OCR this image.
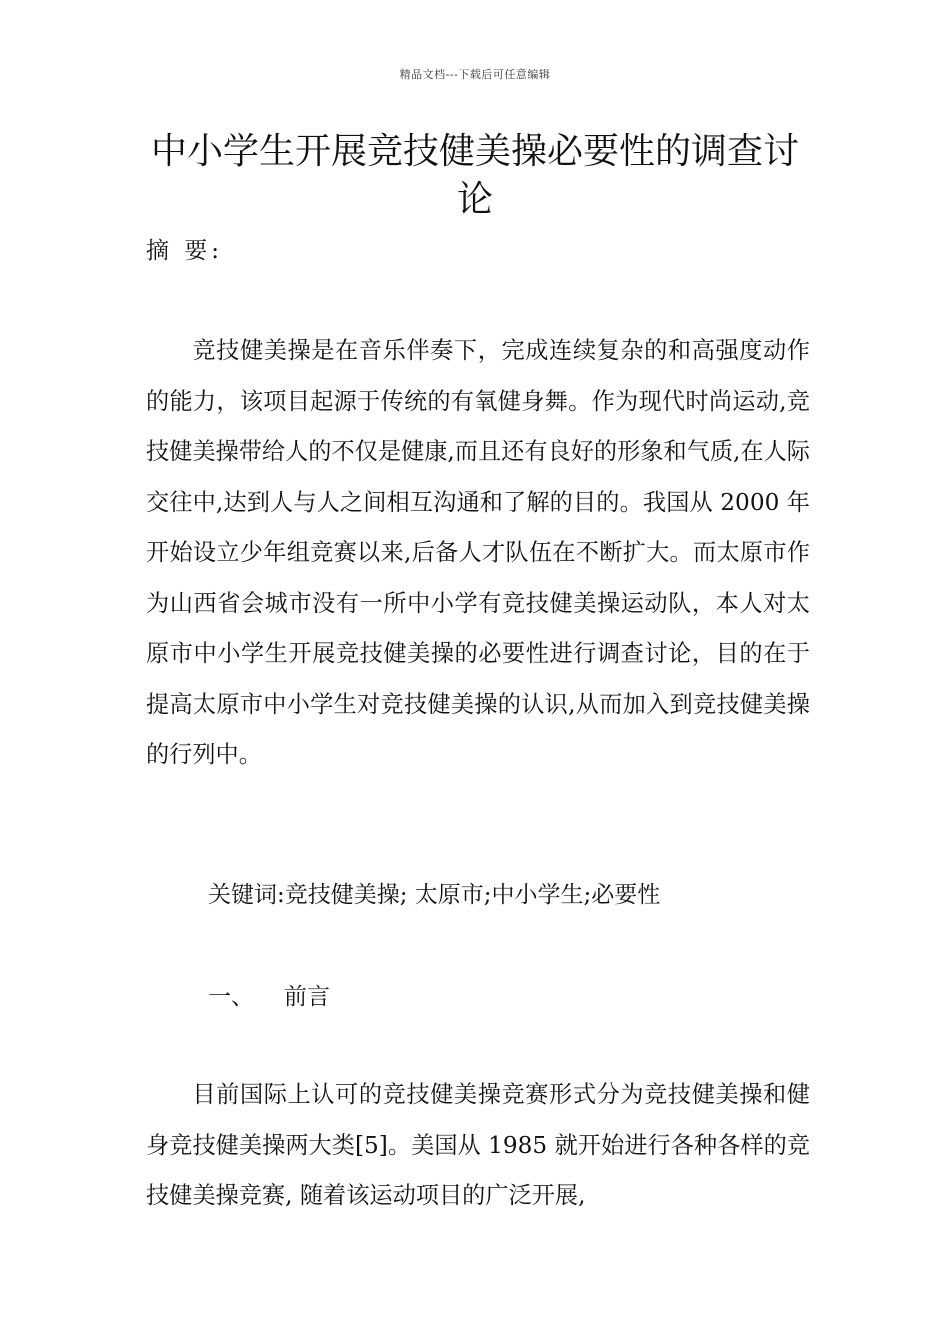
精品文档---下载后可任意编辑
中小学生开展竞技健美操必要性的调查讨论
摘 要:

竞技健美操是在音乐伴奏下，完成连续复杂的和高强度动作的能力，该项目起源于传统的有氧健身舞。作为现代时尚运动,竞技健美操带给人的不仅是健康,而且还有良好的形象和气质,在人际交往中,达到人与人之间相互沟通和了解的目的。我国从 2000 年开始设立少年组竞赛以来,后备人才队伍在不断扩大。而太原市作为山西省会城市没有一所中小学有竞技健美操运动队，本人对太原市中小学生开展竞技健美操的必要性进行调查讨论，目的在于提高太原市中小学生对竞技健美操的认识,从而加入到竞技健美操的行列中。

关键词:竞技健美操; 太原市;中小学生;必要性
一、 前言

目前国际上认可的竞技健美操竞赛形式分为竞技健美操和健身竞技健美操两大类[5]。美国从 1985 就开始进行各种各样的竞技健美操竞赛, 随着该运动项目的广泛开展,
